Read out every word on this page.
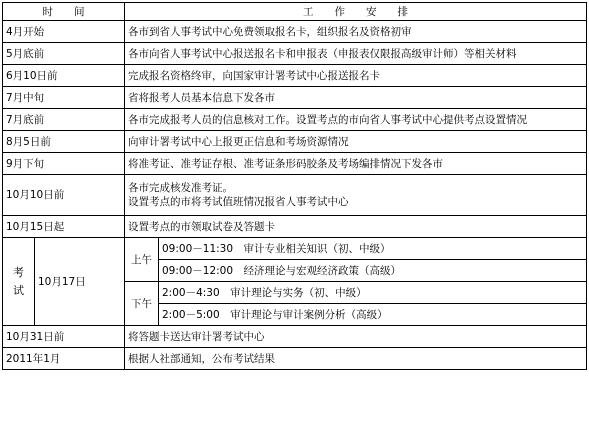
时　　间		工　　作　　安　　排	
4月开始		各市到省人事考试中心免费领取报名卡，组织报名及资格初审	
5月底前		各市向省人事考试中心报送报名卡和申报表（申报表仅限报高级审计师）等相关材料	
6月10日前		完成报名资格终审，向国家审计署考试中心报送报名卡	
7月中旬		省将报考人员基本信息下发各市	
7月底前		各市完成报考人员的信息核对工作。设置考点的市向省人事考试中心提供考点设置情况	
8月5日前		向审计署考试中心上报更正信息和考场资源情况	
9月下旬		将准考证、准考证存根、准考证条形码胶条及考场编排情况下发各市	
10月10日前		各市完成核发准考证。
设置考点的市将考试值班情况报省人事考试中心	

10月15日起		设置考点的市领取试卷及答题卡	

考
试	10月17日	上午	09:00－11:30　审计专业相关知识（初、中级）
			09:00－12:00　经济理论与宏观经济政策（高级）
		下午	2:00－4:30　审计理论与实务（初、中级）
			2:00－5:00　审计理论与审计案例分析（高级）
10月31日前		将答题卡送达审计署考试中心	
2011年1月		根据人社部通知，公布考试结果	
